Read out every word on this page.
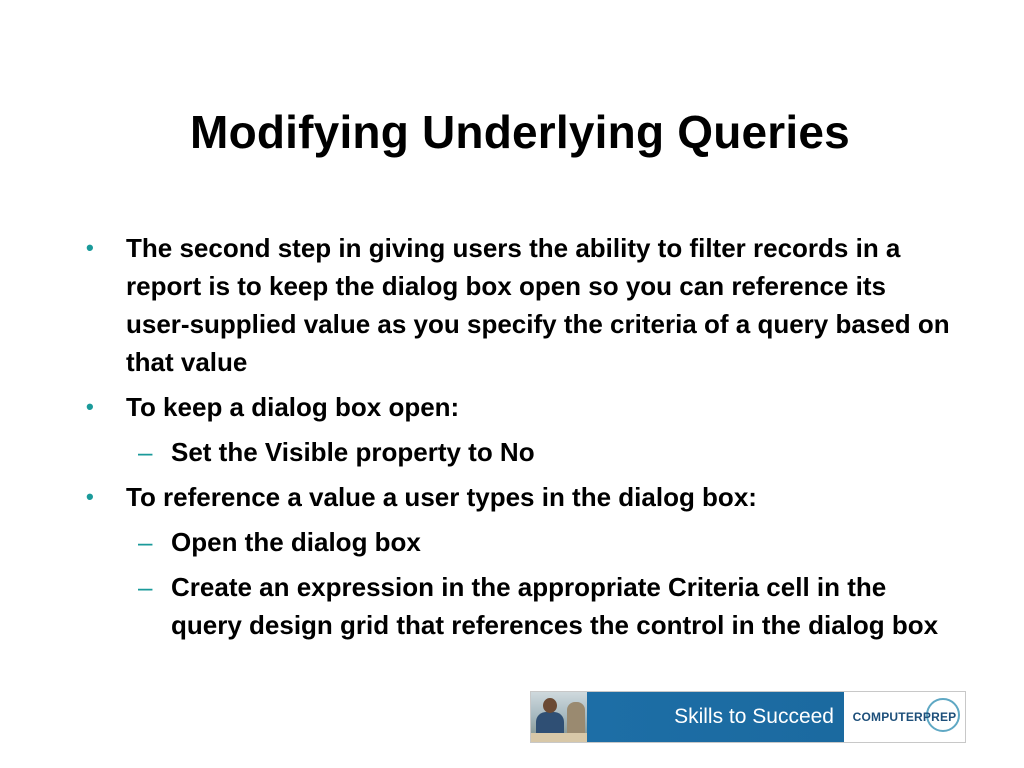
Modifying Underlying Queries
• The second step in giving users the ability to filter records in a report is to keep the dialog box open so you can reference its user-supplied value as you specify the criteria of a query based on that value
• To keep a dialog box open:
– Set the Visible property to No
• To reference a value a user types in the dialog box:
– Open the dialog box
– Create an expression in the appropriate Criteria cell in the query design grid that references the control in the dialog box
Skills to Succeed COMPUTERPREP
